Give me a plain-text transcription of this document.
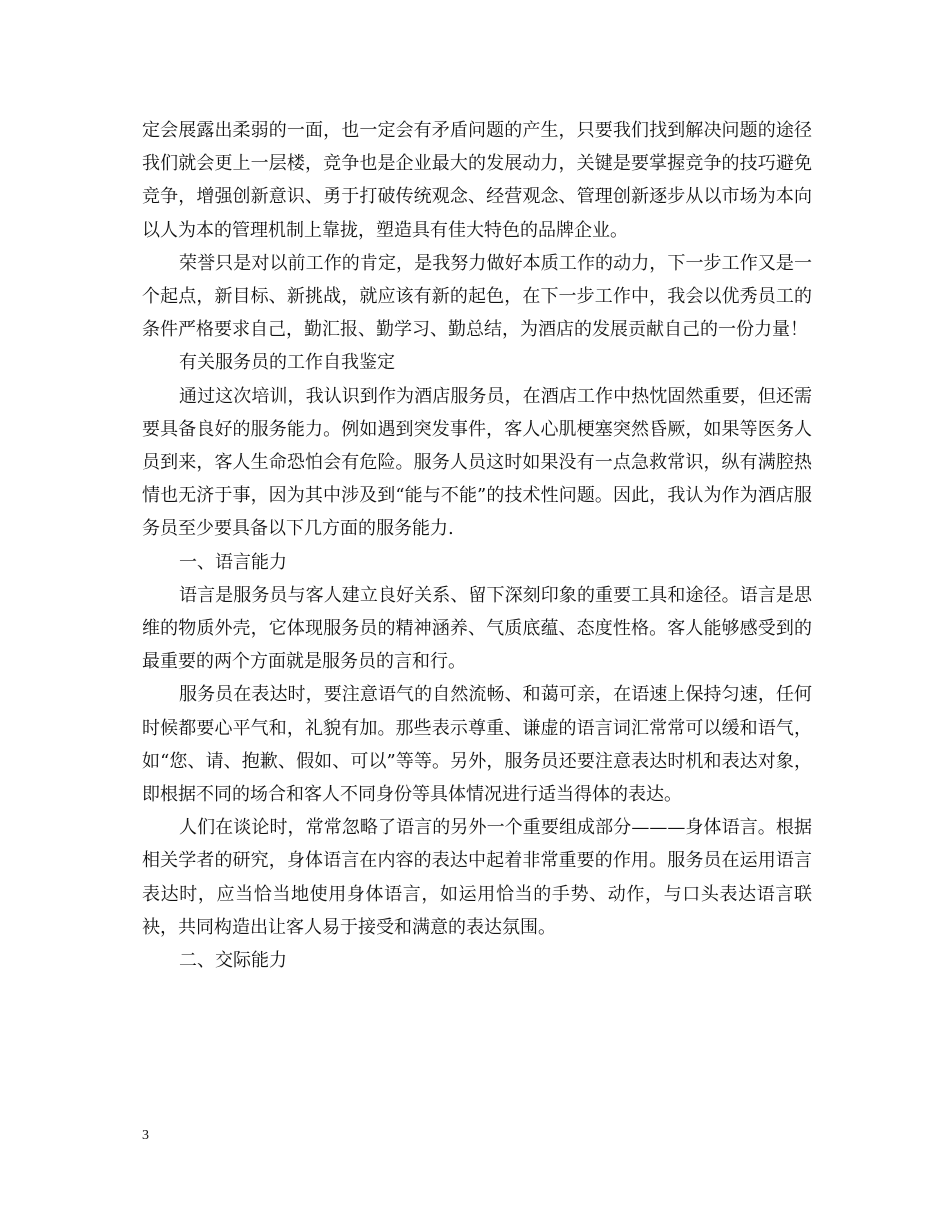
定会展露出柔弱的一面，也一定会有矛盾问题的产生，只要我们找到解决问题的途径我们就会更上一层楼，竞争也是企业最大的发展动力，关键是要掌握竞争的技巧避免竞争，增强创新意识、勇于打破传统观念、经营观念、管理创新逐步从以市场为本向以人为本的管理机制上靠拢，塑造具有佳大特色的品牌企业。

荣誉只是对以前工作的肯定，是我努力做好本质工作的动力，下一步工作又是一个起点，新目标、新挑战，就应该有新的起色，在下一步工作中，我会以优秀员工的条件严格要求自己，勤汇报、勤学习、勤总结，为酒店的发展贡献自己的一份力量！

有关服务员的工作自我鉴定

通过这次培训，我认识到作为酒店服务员，在酒店工作中热忱固然重要，但还需要具备良好的服务能力。例如遇到突发事件，客人心肌梗塞突然昏厥，如果等医务人员到来，客人生命恐怕会有危险。服务人员这时如果没有一点急救常识，纵有满腔热情也无济于事，因为其中涉及到“能与不能”的技术性问题。因此，我认为作为酒店服务员至少要具备以下几方面的服务能力.

一、语言能力

语言是服务员与客人建立良好关系、留下深刻印象的重要工具和途径。语言是思维的物质外壳，它体现服务员的精神涵养、气质底蕴、态度性格。客人能够感受到的最重要的两个方面就是服务员的言和行。

服务员在表达时，要注意语气的自然流畅、和蔼可亲，在语速上保持匀速，任何时候都要心平气和，礼貌有加。那些表示尊重、谦虚的语言词汇常常可以缓和语气，如“您、请、抱歉、假如、可以”等等。另外，服务员还要注意表达时机和表达对象，即根据不同的场合和客人不同身份等具体情况进行适当得体的表达。

人们在谈论时，常常忽略了语言的另外一个重要组成部分———身体语言。根据相关学者的研究，身体语言在内容的表达中起着非常重要的作用。服务员在运用语言表达时，应当恰当地使用身体语言，如运用恰当的手势、动作，与口头表达语言联袂，共同构造出让客人易于接受和满意的表达氛围。

二、交际能力

3
